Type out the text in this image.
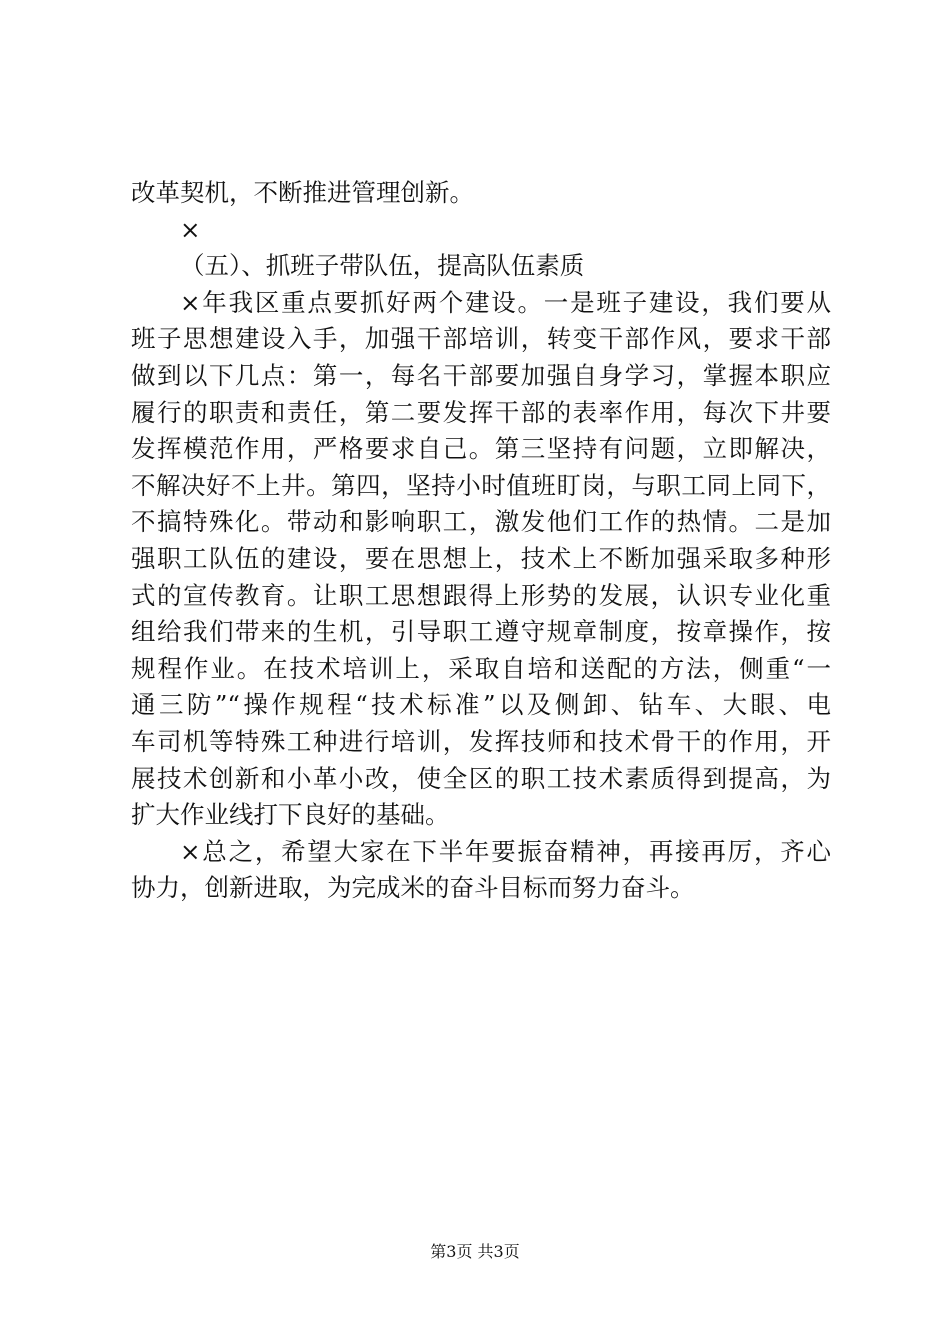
改革契机，不断推进管理创新。
×
（五）、抓班子带队伍，提高队伍素质
×年我区重点要抓好两个建设。一是班子建设，我们要从
班子思想建设入手，加强干部培训，转变干部作风，要求干部
做到以下几点：第一，每名干部要加强自身学习，掌握本职应
履行的职责和责任，第二要发挥干部的表率作用，每次下井要
发挥模范作用，严格要求自己。第三坚持有问题，立即解决，
不解决好不上井。第四，坚持小时值班盯岗，与职工同上同下，
不搞特殊化。带动和影响职工，激发他们工作的热情。二是加
强职工队伍的建设，要在思想上，技术上不断加强采取多种形
式的宣传教育。让职工思想跟得上形势的发展，认识专业化重
组给我们带来的生机，引导职工遵守规章制度，按章操作，按
规程作业。在技术培训上，采取自培和送配的方法，侧重“一
通三防”“操作规程“技术标准”以及侧卸、钻车、大眼、电
车司机等特殊工种进行培训，发挥技师和技术骨干的作用，开
展技术创新和小革小改，使全区的职工技术素质得到提高，为
扩大作业线打下良好的基础。
×总之，希望大家在下半年要振奋精神，再接再厉，齐心
协力，创新进取，为完成米的奋斗目标而努力奋斗。
第3页 共3页
